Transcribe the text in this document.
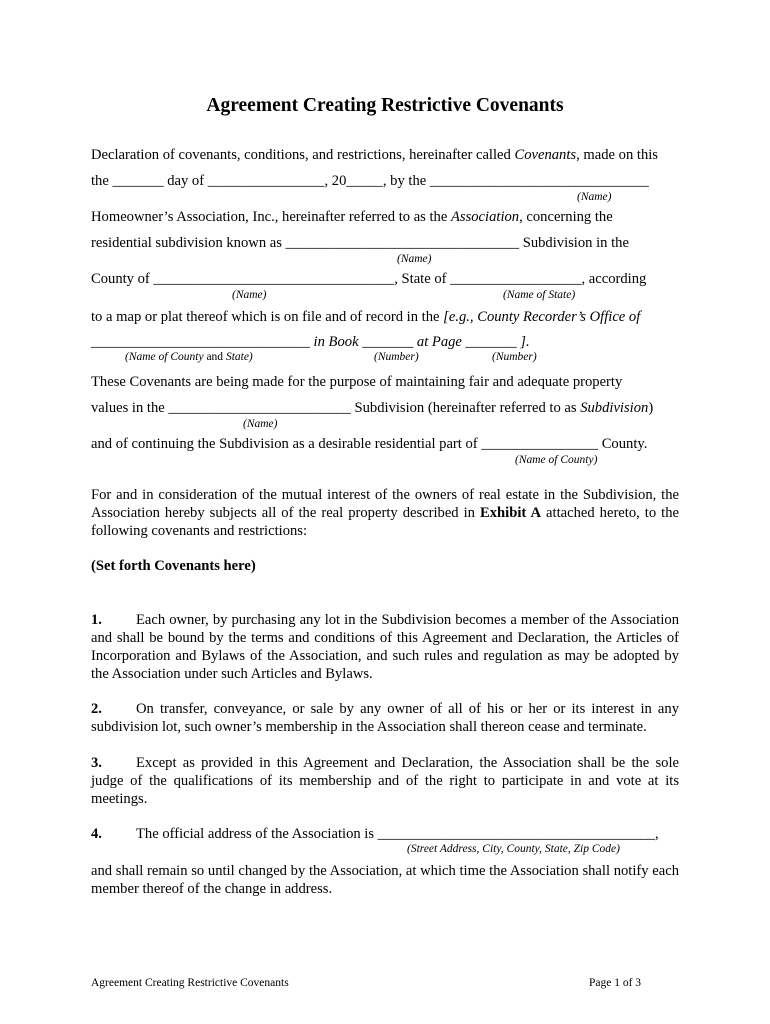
Agreement Creating Restrictive Covenants
Declaration of covenants, conditions, and restrictions, hereinafter called Covenants, made on this
the _______ day of ________________, 20_____, by the ______________________________
(Name)
Homeowner’s Association, Inc., hereinafter referred to as the Association, concerning the
residential subdivision known as ________________________________ Subdivision in the
(Name)
County of _________________________________, State of __________________, according
(Name)	(Name of State)
to a map or plat thereof which is on file and of record in the [e.g., County Recorder’s Office of
______________________________ in Book _______ at Page _______ ].
(Name of County and State)	(Number)	(Number)
These Covenants are being made for the purpose of maintaining fair and adequate property
values in the _________________________ Subdivision (hereinafter referred to as Subdivision)
(Name)
and of continuing the Subdivision as a desirable residential part of ________________ County.
(Name of County)
For and in consideration of the mutual interest of the owners of real estate in the Subdivision, the Association hereby subjects all of the real property described in Exhibit A attached hereto, to the following covenants and restrictions:
(Set forth Covenants here)
1. Each owner, by purchasing any lot in the Subdivision becomes a member of the Association and shall be bound by the terms and conditions of this Agreement and Declaration, the Articles of Incorporation and Bylaws of the Association, and such rules and regulation as may be adopted by the Association under such Articles and Bylaws.
2. On transfer, conveyance, or sale by any owner of all of his or her or its interest in any subdivision lot, such owner’s membership in the Association shall thereon cease and terminate.
3. Except as provided in this Agreement and Declaration, the Association shall be the sole judge of the qualifications of its membership and of the right to participate in and vote at its meetings.
4. The official address of the Association is ______________________________________,
(Street Address, City, County, State, Zip Code)
and shall remain so until changed by the Association, at which time the Association shall notify each member thereof of the change in address.
Agreement Creating Restrictive Covenants	Page 1 of 3
